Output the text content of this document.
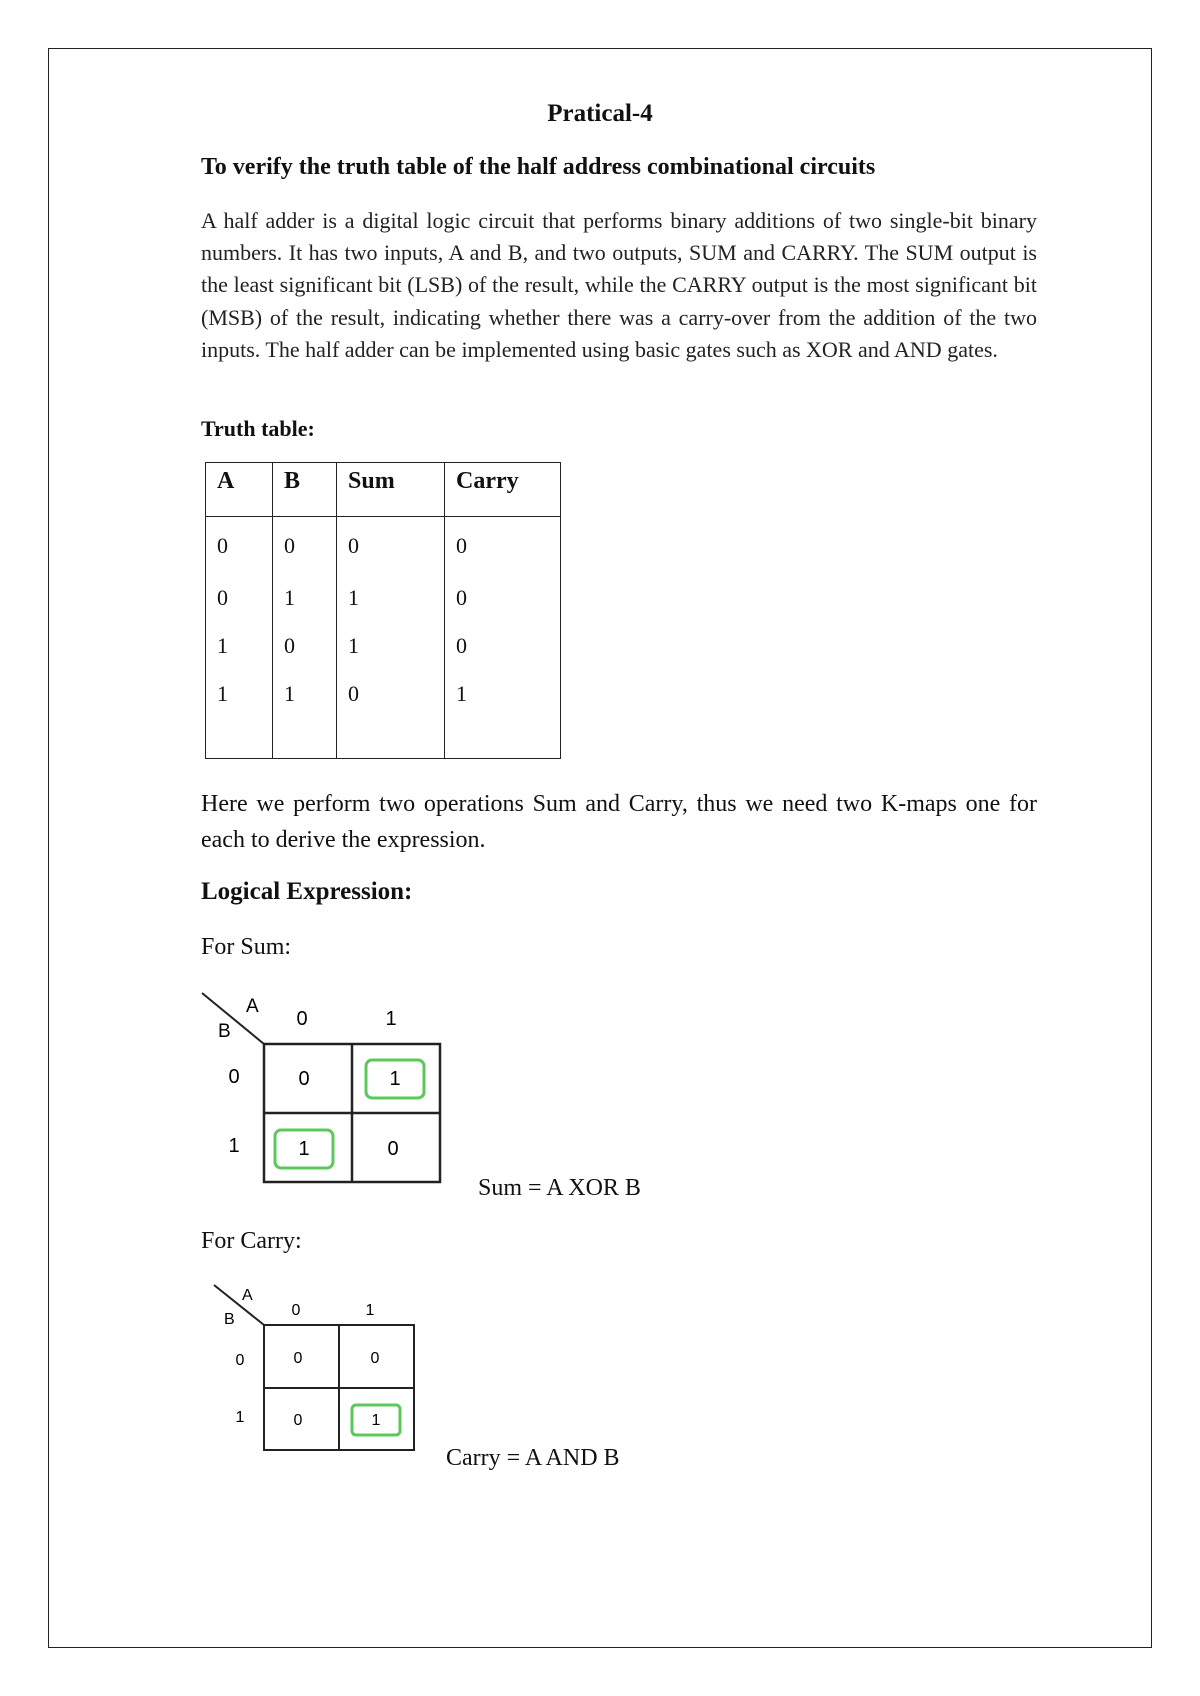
Pratical-4
To verify the truth table of the half address combinational circuits
A half adder is a digital logic circuit that performs binary additions of two single-bit binary numbers. It has two inputs, A and B, and two outputs, SUM and CARRY. The SUM output is the least significant bit (LSB) of the result, while the CARRY output is the most significant bit (MSB) of the result, indicating whether there was a carry-over from the addition of the two inputs. The half adder can be implemented using basic gates such as XOR and AND gates.
Truth table:
A	B	Sum	Carry
0	0	0	0
0	1	1	0
1	0	1	0
1	1	0	1

Here we perform two operations Sum and Carry, thus we need two K-maps one for each to derive the expression.
Logical Expression:
For Sum:
A
B
0	1
0
1
0	1
1	0
Sum = A XOR B
For Carry:
A
B
0	1
0
1
0	0
0	1
Carry = A AND B
